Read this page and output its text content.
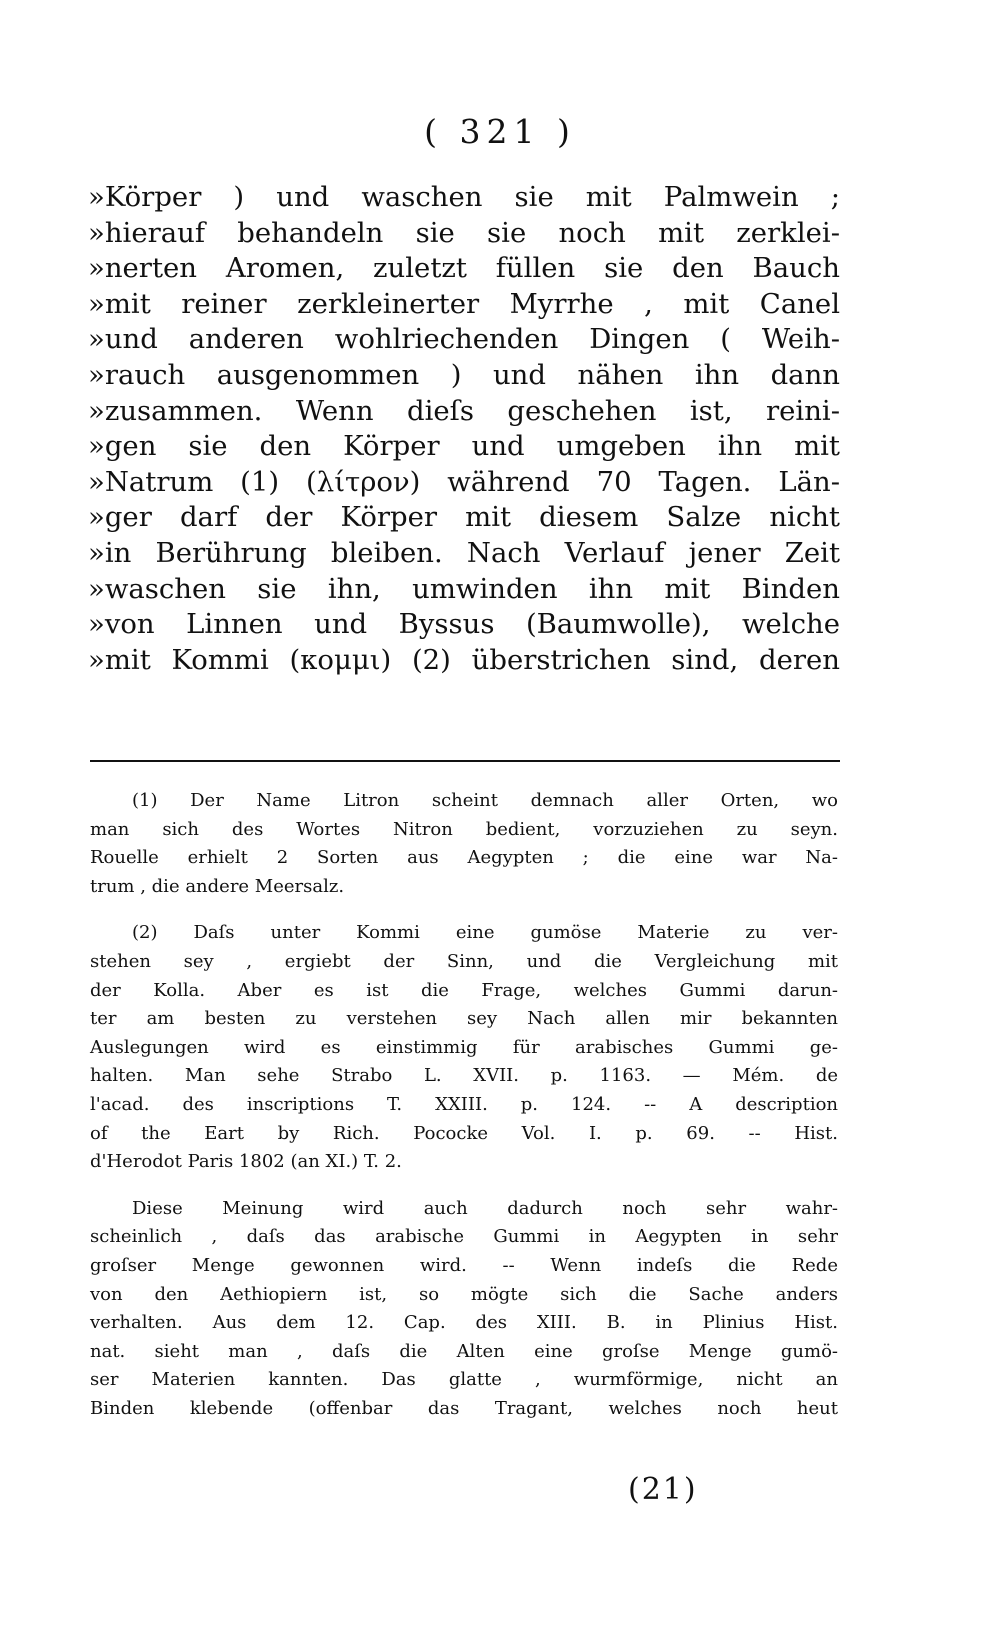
( 321 )
»Körper ) und waschen sie mit Palmwein ;
»hierauf behandeln sie sie noch mit zerklei-
»nerten Aromen, zuletzt füllen sie den Bauch
»mit reiner zerkleinerter Myrrhe , mit Canel
»und anderen wohlriechenden Dingen ( Weih-
»rauch ausgenommen ) und nähen ihn dann
»zusammen. Wenn dieſs geschehen ist, reini-
»gen sie den Körper und umgeben ihn mit
»Natrum (1) (λίτρον) während 70 Tagen. Län-
»ger darf der Körper mit diesem Salze nicht
»in Berührung bleiben. Nach Verlauf jener Zeit
»waschen sie ihn, umwinden ihn mit Binden
»von Linnen und Byssus (Baumwolle), welche
»mit Kommi (κομμι) (2) überstrichen sind, deren
(1) Der Name Litron scheint demnach aller Orten, wo
man sich des Wortes Nitron bedient, vorzuziehen zu seyn.
Rouelle erhielt 2 Sorten aus Aegypten ; die eine war Na-
trum , die andere Meersalz.
(2) Daſs unter Kommi eine gumöse Materie zu ver-
stehen sey , ergiebt der Sinn, und die Vergleichung mit
der Kolla. Aber es ist die Frage, welches Gummi darun-
ter am besten zu verstehen sey Nach allen mir bekannten
Auslegungen wird es einstimmig für arabisches Gummi ge-
halten. Man sehe Strabo L. XVII. p. 1163. — Mém. de
l'acad. des inscriptions T. XXIII. p. 124. -- A description
of the Eart by Rich. Pococke Vol. I. p. 69. -- Hist.
d'Herodot Paris 1802 (an XI.) T. 2.
Diese Meinung wird auch dadurch noch sehr wahr-
scheinlich , daſs das arabische Gummi in Aegypten in sehr
groſser Menge gewonnen wird. -- Wenn indeſs die Rede
von den Aethiopiern ist, so mögte sich die Sache anders
verhalten. Aus dem 12. Cap. des XIII. B. in Plinius Hist.
nat. sieht man , daſs die Alten eine groſse Menge gumö-
ser Materien kannten. Das glatte , wurmförmige, nicht an
Binden klebende (offenbar das Tragant, welches noch heut
(21)
